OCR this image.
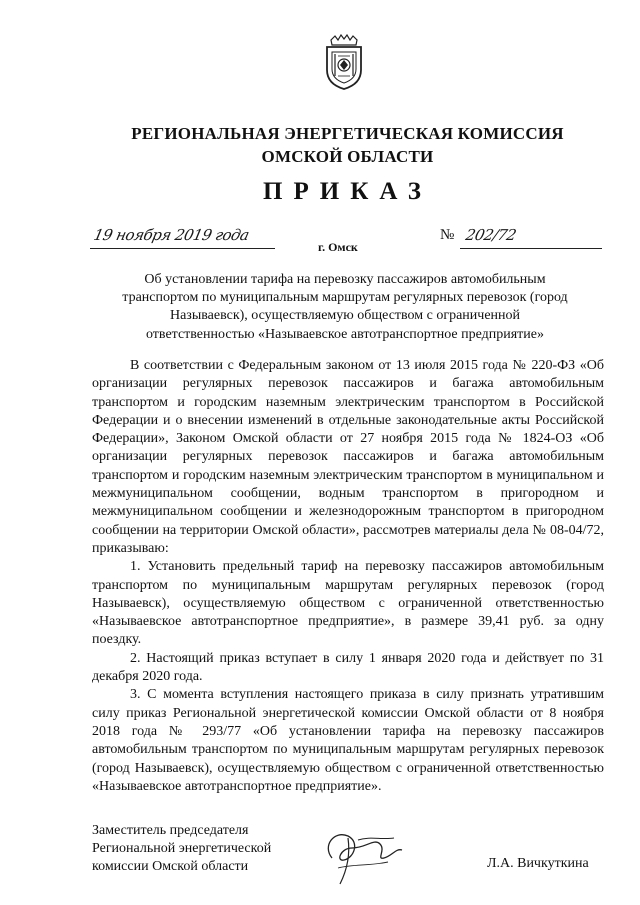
РЕГИОНАЛЬНАЯ ЭНЕРГЕТИЧЕСКАЯ КОМИССИЯ
ОМСКОЙ ОБЛАСТИ
ПРИКАЗ
19 ноября 2019 года	№ 202/72
г. Омск
Об установлении тарифа на перевозку пассажиров автомобильным транспортом по муниципальным маршрутам регулярных перевозок (город Называевск), осуществляемую обществом с ограниченной ответственностью «Называевское автотранспортное предприятие»

В соответствии с Федеральным законом от 13 июля 2015 года № 220-ФЗ «Об организации регулярных перевозок пассажиров и багажа автомобильным транспортом и городским наземным электрическим транспортом в Российской Федерации и о внесении изменений в отдельные законодательные акты Российской Федерации», Законом Омской области от 27 ноября 2015 года № 1824-ОЗ «Об организации регулярных перевозок пассажиров и багажа автомобильным транспортом и городским наземным электрическим транспортом в муниципальном и межмуниципальном сообщении, водным транспортом в пригородном и межмуниципальном сообщении и железнодорожным транспортом в пригородном сообщении на территории Омской области», рассмотрев материалы дела № 08-04/72, приказываю:

1. Установить предельный тариф на перевозку пассажиров автомобильным транспортом по муниципальным маршрутам регулярных перевозок (город Называевск), осуществляемую обществом с ограниченной ответственностью «Называевское автотранспортное предприятие», в размере 39,41 руб. за одну поездку.

2. Настоящий приказ вступает в силу 1 января 2020 года и действует по 31 декабря 2020 года.

3. С момента вступления настоящего приказа в силу признать утратившим силу приказ Региональной энергетической комиссии Омской области от 8 ноября 2018 года № 293/77 «Об установлении тарифа на перевозку пассажиров автомобильным транспортом по муниципальным маршрутам регулярных перевозок (город Называевск), осуществляемую обществом с ограниченной ответственностью «Называевское автотранспортное предприятие».

Заместитель председателя
Региональной энергетической
комиссии Омской области	Л.А. Вичкуткина
